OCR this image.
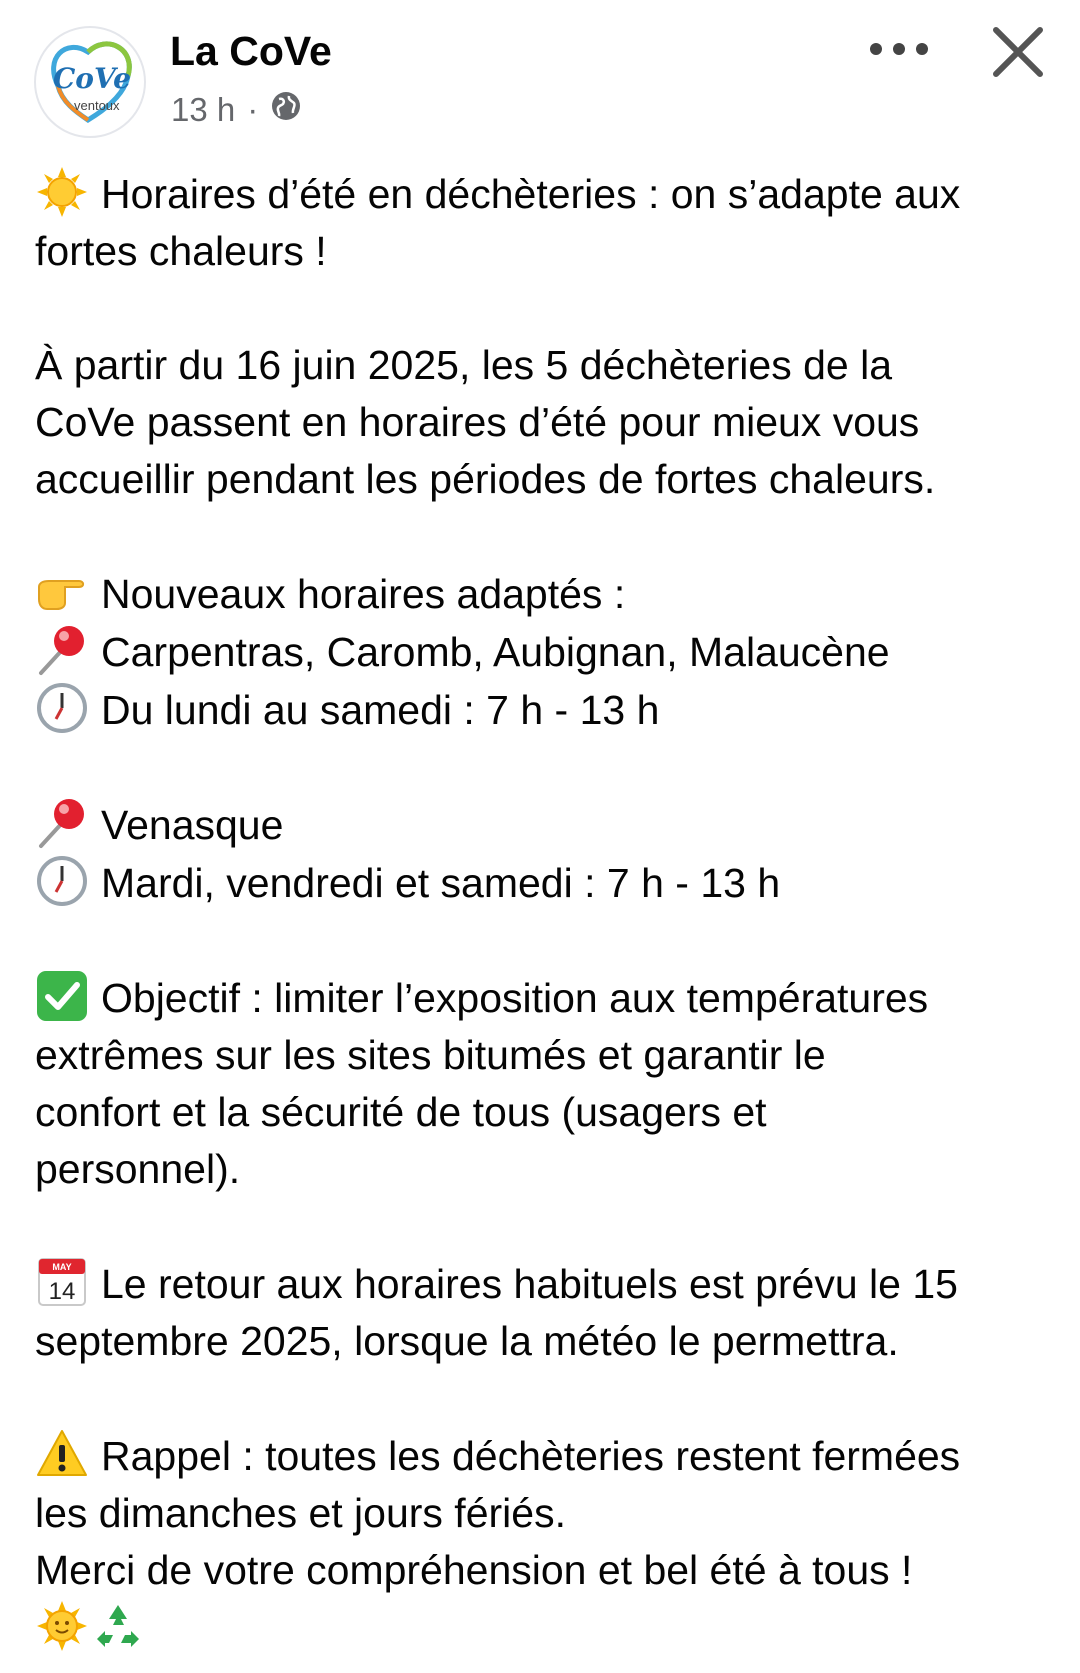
CoVe
ventoux
La CoVe
13 h ·
Horaires d’été en déchèteries : on s’adapte aux
fortes chaleurs !
À partir du 16 juin 2025, les 5 déchèteries de la
CoVe passent en horaires d’été pour mieux vous
accueillir pendant les périodes de fortes chaleurs.
Nouveaux horaires adaptés :
Carpentras, Caromb, Aubignan, Malaucène
Du lundi au samedi : 7 h - 13 h
Venasque
Mardi, vendredi et samedi : 7 h - 13 h
Objectif : limiter l’exposition aux températures
extrêmes sur les sites bitumés et garantir le
confort et la sécurité de tous (usagers et
personnel).
MAY
14 Le retour aux horaires habituels est prévu le 15
septembre 2025, lorsque la météo le permettra.
Rappel : toutes les déchèteries restent fermées
les dimanches et jours fériés.
Merci de votre compréhension et bel été à tous !
